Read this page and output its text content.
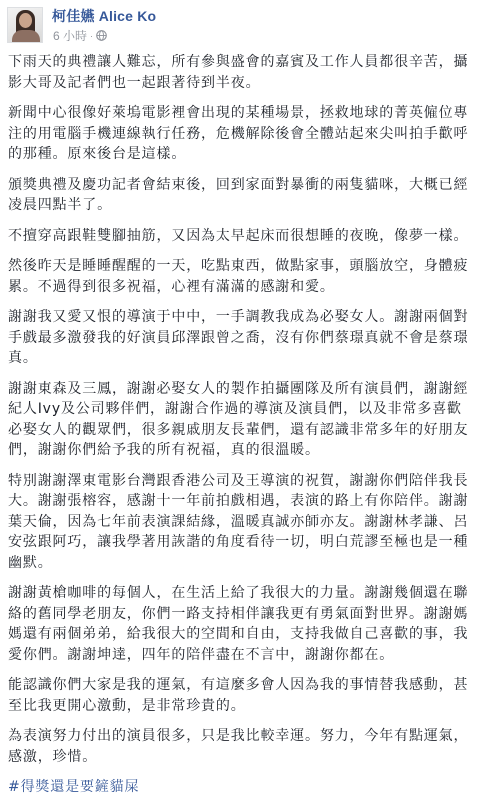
柯佳嬿 Alice Ko
6 小時 ·

下雨天的典禮讓人難忘，所有參與盛會的嘉賓及工作人員都很辛苦，攝影大哥及記者們也一起跟著待到半夜。

新聞中心很像好萊塢電影裡會出現的某種場景，拯救地球的菁英僱位專注的用電腦手機連線執行任務，危機解除後會全體站起來尖叫拍手歡呼的那種。原來後台是這樣。

頒獎典禮及慶功記者會結束後，回到家面對暴衝的兩隻貓咪，大概已經凌晨四點半了。

不擅穿高跟鞋雙腳抽筋，又因為太早起床而很想睡的夜晚，像夢一樣。

然後昨天是睡睡醒醒的一天，吃點東西，做點家事，頭腦放空，身體疲累。不過得到很多祝福，心裡有滿滿的感謝和愛。

謝謝我又愛又恨的導演于中中，一手調教我成為必娶女人。謝謝兩個對手戲最多激發我的好演員邱澤跟曾之喬，沒有你們蔡璟真就不會是蔡璟真。

謝謝東森及三鳳，謝謝必娶女人的製作拍攝團隊及所有演員們，謝謝經紀人Ivy及公司夥伴們，謝謝合作過的導演及演員們，以及非常多喜歡必娶女人的觀眾們，很多親戚朋友長輩們，還有認識非常多年的好朋友們，謝謝你們給予我的所有祝福，真的很溫暖。

特別謝謝澤東電影台灣跟香港公司及王導演的祝賀，謝謝你們陪伴我長大。謝謝張榕容，感謝十一年前拍戲相遇，表演的路上有你陪伴。謝謝葉天倫，因為七年前表演課結緣，溫暖真誠亦師亦友。謝謝林孝謙、呂安弦跟阿巧，讓我學著用詼諧的角度看待一切，明白荒謬至極也是一種幽默。

謝謝黃槍咖啡的每個人，在生活上給了我很大的力量。謝謝幾個還在聯絡的舊同學老朋友，你們一路支持相伴讓我更有勇氣面對世界。謝謝媽媽還有兩個弟弟，給我很大的空間和自由，支持我做自己喜歡的事，我愛你們。謝謝坤達，四年的陪伴盡在不言中，謝謝你都在。

能認識你們大家是我的運氣，有這麼多會人因為我的事情替我感動，甚至比我更開心激動，是非常珍貴的。

為表演努力付出的演員很多，只是我比較幸運。努力，今年有點運氣，感激，珍惜。

#得獎還是要鏟貓屎
